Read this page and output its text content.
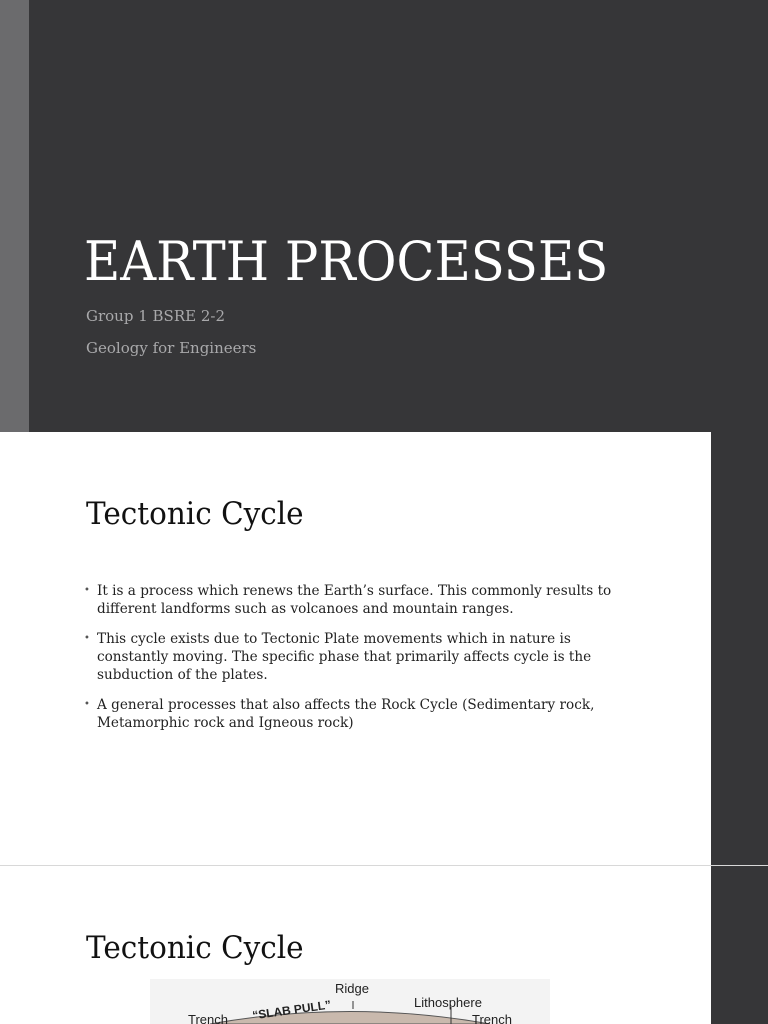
EARTH PROCESSES

Group 1 BSRE 2-2

Geology for Engineers

Tectonic Cycle
• It is a process which renews the Earth’s surface. This commonly results to different landforms such as volcanoes and mountain ranges.
• This cycle exists due to Tectonic Plate movements which in nature is constantly moving. The specific phase that primarily affects cycle is the subduction of the plates.
• A general processes that also affects the Rock Cycle (Sedimentary rock, Metamorphic rock and Igneous rock)
Tectonic Cycle
Ridge
Lithosphere
“SLAB PULL”
Trench	Trench
